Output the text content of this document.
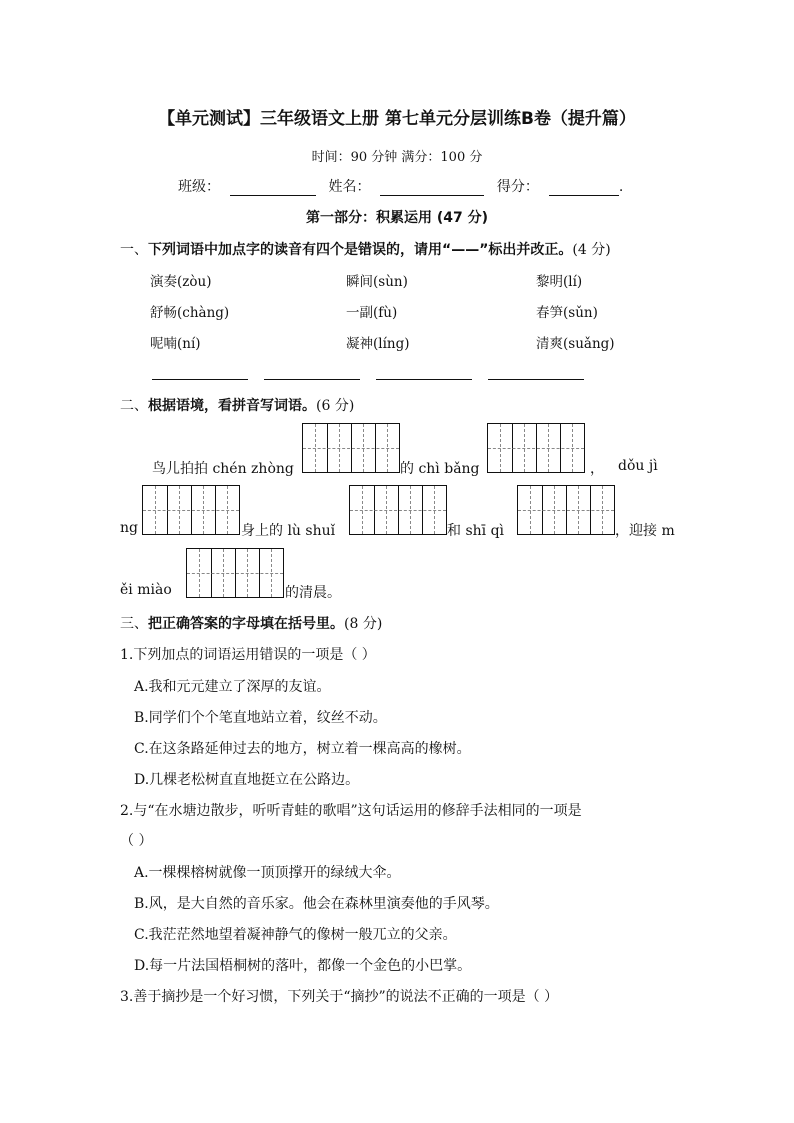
【单元测试】三年级语文上册 第七单元分层训练B卷（提升篇）
时间：90 分钟 满分：100 分
班级：	姓名：	得分：	.
第一部分：积累运用 (47 分)
一、下列词语中加点字的读音有四个是错误的，请用“——”标出并改正。(4 分)
演奏(zòu)	瞬间(sùn)	黎明(lí)
舒畅(chàng)	一副(fù)	春笋(sǔn)
呢喃(ní)	凝神(líng)	清爽(suǎng)
二、根据语境，看拼音写词语。(6 分)
鸟儿拍拍 chén zhòng	的 chì bǎng	， dǒu jì
ng	身上的 lù shuǐ	和 shī qì	，迎接 m
ěi miào	的清晨。
三、把正确答案的字母填在括号里。(8 分)
1.下列加点的词语运用错误的一项是（ ）
A.我和元元建立了深厚的友谊。
B.同学们个个笔直地站立着，纹丝不动。
C.在这条路延伸过去的地方，树立着一棵高高的橡树。
D.几棵老松树直直地挺立在公路边。
2.与“在水塘边散步，听听青蛙的歌唱”这句话运用的修辞手法相同的一项是
（ ）
A.一棵棵榕树就像一顶顶撑开的绿绒大伞。
B.风，是大自然的音乐家。他会在森林里演奏他的手风琴。
C.我茫茫然地望着凝神静气的像树一般兀立的父亲。
D.每一片法国梧桐树的落叶，都像一个金色的小巴掌。
3.善于摘抄是一个好习惯，下列关于“摘抄”的说法不正确的一项是（ ）
